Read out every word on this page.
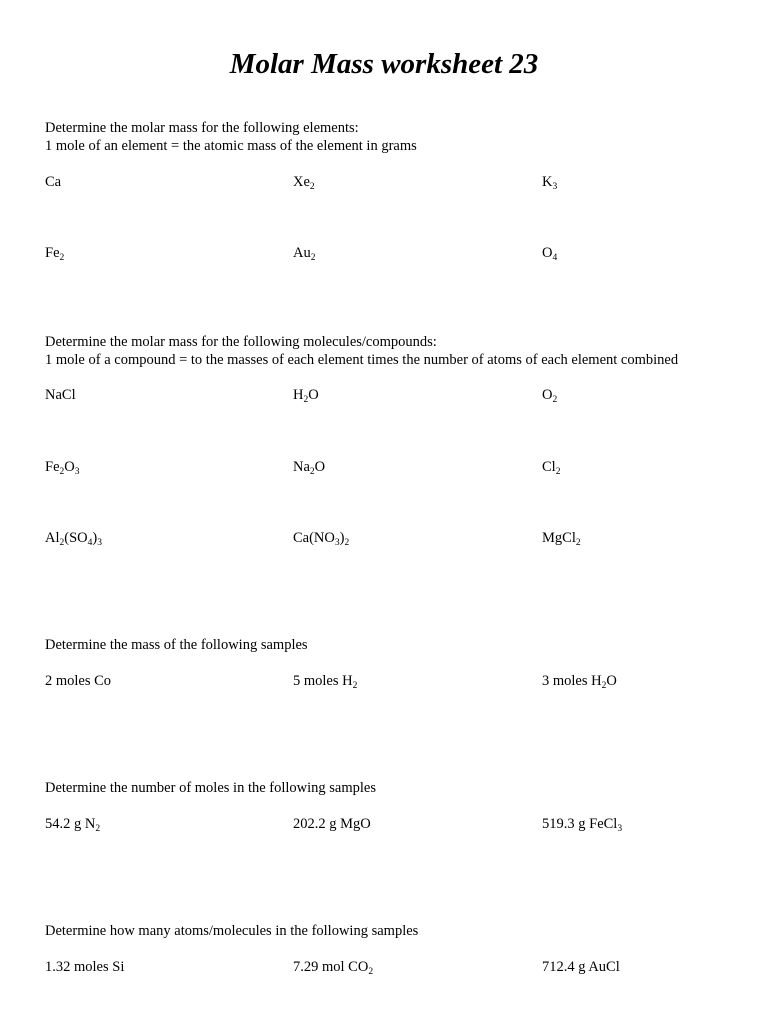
Molar Mass worksheet 23
Determine the molar mass for the following elements:
1 mole of an element = the atomic mass of the element in grams
Ca	$Xe_2$	$K_3$
$Fe_2$	$Au_2$	$O_4$
Determine the molar mass for the following molecules/compounds:
1 mole of a compound = to the masses of each element times the number of atoms of each element combined
NaCl	$H_2O$	$O_2$
$Fe_2O_3$	$Na_2O$	$Cl_2$
$Al_2(SO_4)_3$	$Ca(NO_3)_2$	MgCl$_2$
Determine the mass of the following samples
2 moles Co	5 moles $H_2$	3 moles $H_2O$
Determine the number of moles in the following samples
54.2 g $N_2$	202.2 g MgO	519.3 g FeCl$_3$
Determine how many atoms/molecules in the following samples
1.32 moles Si	7.29 mol $CO_2$	712.4 g AuCl
